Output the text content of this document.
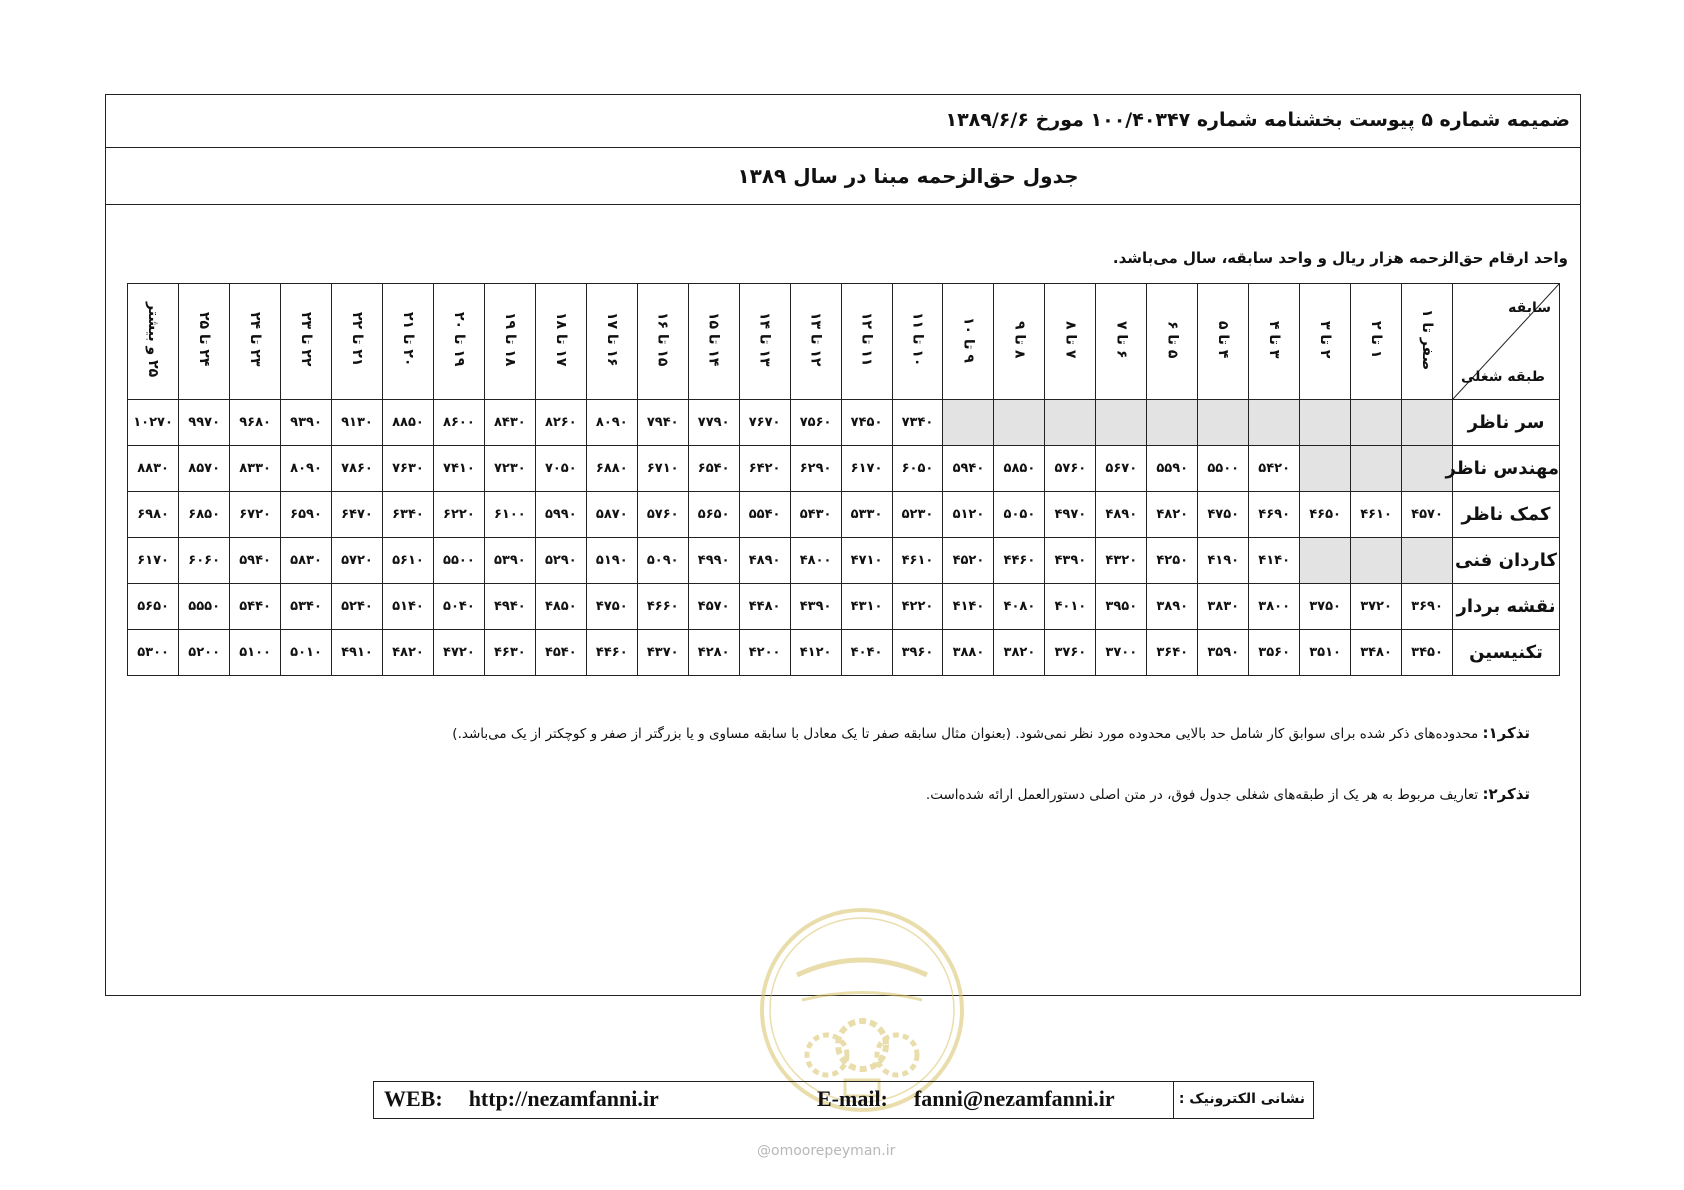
ضمیمه شماره ۵ پیوست بخشنامه شماره ۱۰۰/۴۰۳۴۷ مورخ ۱۳۸۹/۶/۶
جدول حق‌الزحمه مبنا در سال ۱۳۸۹
واحد ارقام حق‌الزحمه هزار ریال و واحد سابقه، سال می‌باشد.
سابقه
طبقه شغلی	صفر تا ۱	۱ تا ۲	۲ تا ۳	۳ تا ۴	۴ تا ۵	۵ تا ۶	۶ تا ۷	۷ تا ۸	۸ تا ۹	۹ تا ۱۰	۱۰ تا ۱۱	۱۱ تا ۱۲	۱۲ تا ۱۳	۱۳ تا ۱۴	۱۴ تا ۱۵	۱۵ تا ۱۶	۱۶ تا ۱۷	۱۷ تا ۱۸	۱۸ تا ۱۹	۱۹ تا ۲۰	۲۰ تا ۲۱	۲۱ تا ۲۲	۲۲ تا ۲۳	۲۳ تا ۲۴	۲۴ تا ۲۵	۲۵ و بیشتر
سر ناظر											۷۳۴۰	۷۴۵۰	۷۵۶۰	۷۶۷۰	۷۷۹۰	۷۹۴۰	۸۰۹۰	۸۲۶۰	۸۴۳۰	۸۶۰۰	۸۸۵۰	۹۱۳۰	۹۳۹۰	۹۶۸۰	۹۹۷۰	۱۰۲۷۰
مهندس ناظر				۵۴۲۰	۵۵۰۰	۵۵۹۰	۵۶۷۰	۵۷۶۰	۵۸۵۰	۵۹۴۰	۶۰۵۰	۶۱۷۰	۶۲۹۰	۶۴۲۰	۶۵۴۰	۶۷۱۰	۶۸۸۰	۷۰۵۰	۷۲۳۰	۷۴۱۰	۷۶۳۰	۷۸۶۰	۸۰۹۰	۸۳۳۰	۸۵۷۰	۸۸۳۰
کمک ناظر	۴۵۷۰	۴۶۱۰	۴۶۵۰	۴۶۹۰	۴۷۵۰	۴۸۲۰	۴۸۹۰	۴۹۷۰	۵۰۵۰	۵۱۲۰	۵۲۳۰	۵۳۳۰	۵۴۳۰	۵۵۴۰	۵۶۵۰	۵۷۶۰	۵۸۷۰	۵۹۹۰	۶۱۰۰	۶۲۲۰	۶۳۴۰	۶۴۷۰	۶۵۹۰	۶۷۲۰	۶۸۵۰	۶۹۸۰
کاردان فنی				۴۱۴۰	۴۱۹۰	۴۲۵۰	۴۳۲۰	۴۳۹۰	۴۴۶۰	۴۵۲۰	۴۶۱۰	۴۷۱۰	۴۸۰۰	۴۸۹۰	۴۹۹۰	۵۰۹۰	۵۱۹۰	۵۲۹۰	۵۳۹۰	۵۵۰۰	۵۶۱۰	۵۷۲۰	۵۸۳۰	۵۹۴۰	۶۰۶۰	۶۱۷۰
نقشه بردار	۳۶۹۰	۳۷۲۰	۳۷۵۰	۳۸۰۰	۳۸۳۰	۳۸۹۰	۳۹۵۰	۴۰۱۰	۴۰۸۰	۴۱۴۰	۴۲۲۰	۴۳۱۰	۴۳۹۰	۴۴۸۰	۴۵۷۰	۴۶۶۰	۴۷۵۰	۴۸۵۰	۴۹۴۰	۵۰۴۰	۵۱۴۰	۵۲۴۰	۵۳۴۰	۵۴۴۰	۵۵۵۰	۵۶۵۰
تکنیسین	۳۴۵۰	۳۴۸۰	۳۵۱۰	۳۵۶۰	۳۵۹۰	۳۶۴۰	۳۷۰۰	۳۷۶۰	۳۸۲۰	۳۸۸۰	۳۹۶۰	۴۰۴۰	۴۱۲۰	۴۲۰۰	۴۲۸۰	۴۳۷۰	۴۴۶۰	۴۵۴۰	۴۶۳۰	۴۷۲۰	۴۸۲۰	۴۹۱۰	۵۰۱۰	۵۱۰۰	۵۲۰۰	۵۳۰۰
تذکر۱: محدوده‌های ذکر شده برای سوابق کار شامل حد بالایی محدوده مورد نظر نمی‌شود. (بعنوان مثال سابقه صفر تا یک معادل با سابقه مساوی و یا بزرگتر از صفر و کوچکتر از یک می‌باشد.)
تذکر۲: تعاریف مربوط به هر یک از طبقه‌های شغلی جدول فوق، در متن اصلی دستورالعمل ارائه شده‌است.
نشانی الکترونیک :
WEB: http://nezamfanni.ir	E-mail: fanni@nezamfanni.ir
@omoorepeyman.ir
